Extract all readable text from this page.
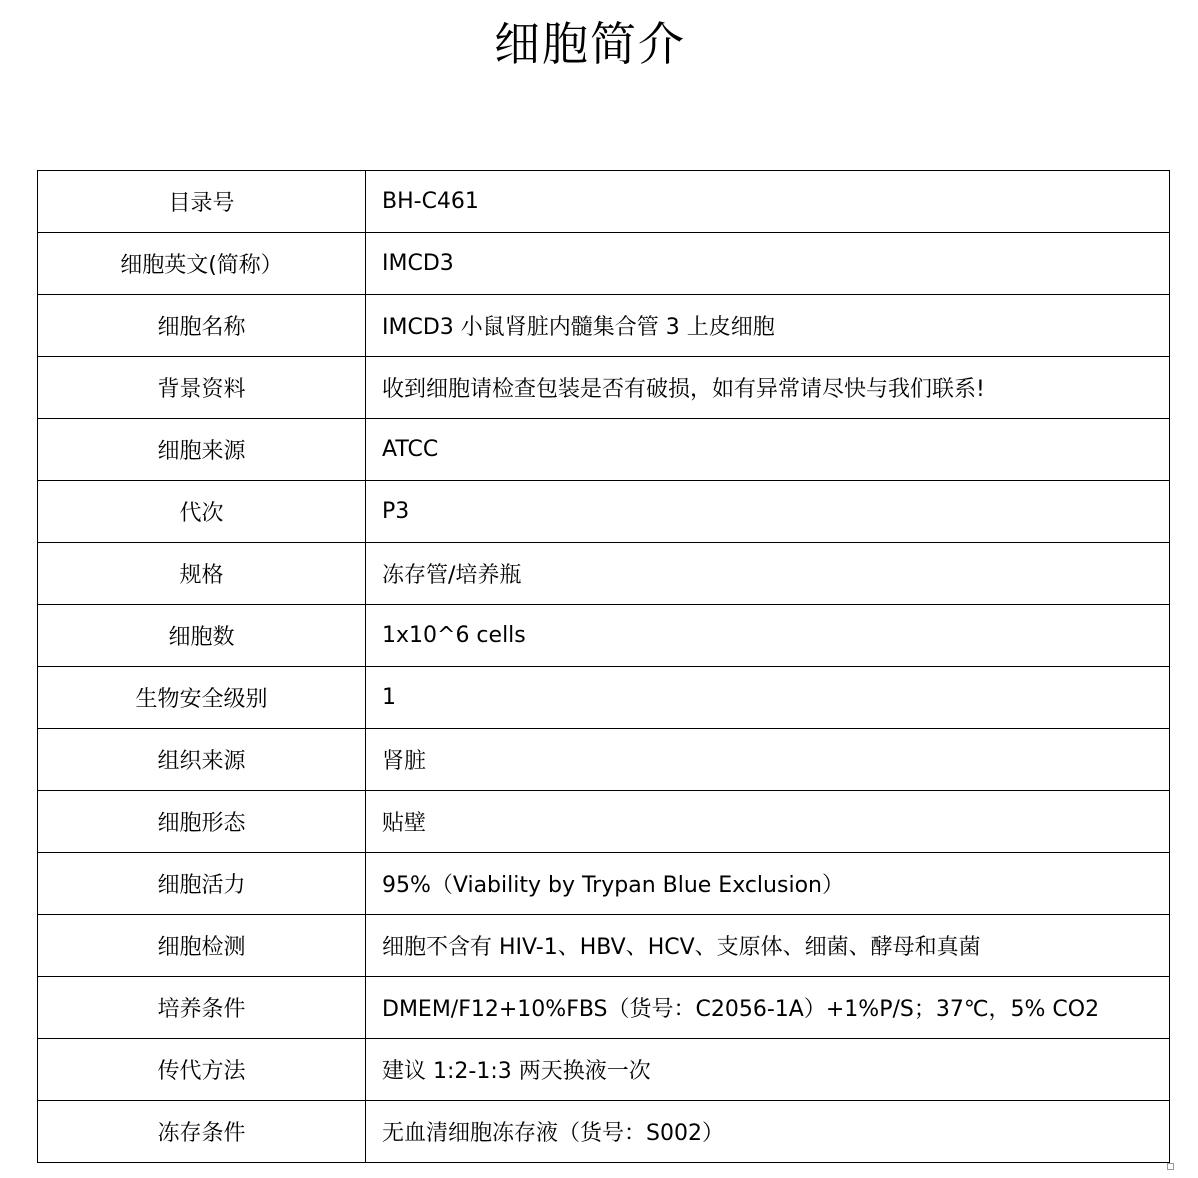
细胞简介
目录号	BH-C461
细胞英文(简称）	IMCD3
细胞名称	IMCD3 小鼠肾脏内髓集合管 3 上皮细胞
背景资料	收到细胞请检查包装是否有破损，如有异常请尽快与我们联系!
细胞来源	ATCC
代次	P3
规格	冻存管/培养瓶
细胞数	1x10^6 cells
生物安全级别	1
组织来源	肾脏
细胞形态	贴壁
细胞活力	95%（Viability by Trypan Blue Exclusion）
细胞检测	细胞不含有 HIV-1、HBV、HCV、支原体、细菌、酵母和真菌
培养条件	DMEM/F12+10%FBS（货号：C2056-1A）+1%P/S；37℃，5% CO2
传代方法	建议 1:2-1:3 两天换液一次
冻存条件	无血清细胞冻存液（货号：S002）
